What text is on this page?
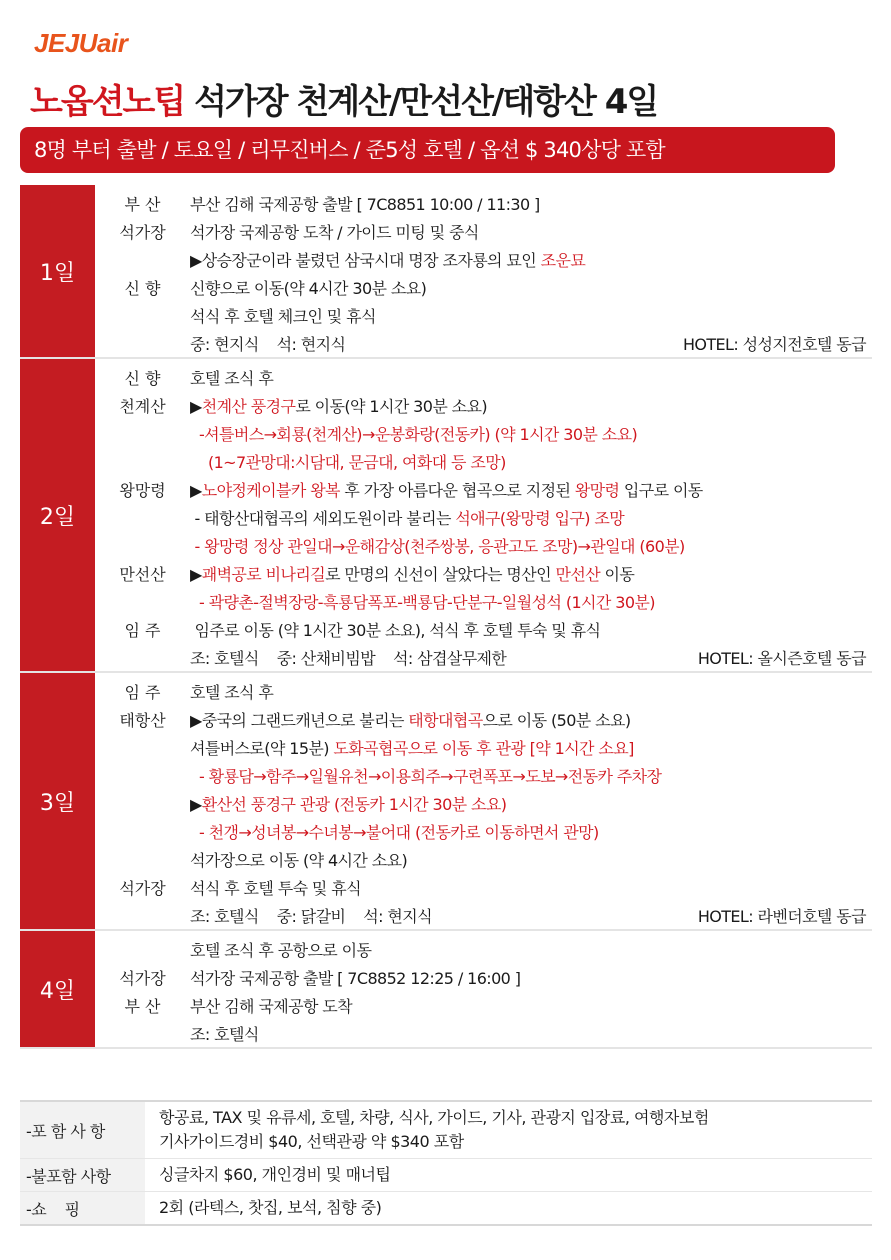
JEJUair
노옵션노팁 석가장 천계산/만선산/태항산 4일
8명 부터 출발 / 토요일 / 리무진버스 / 준5성 호텔 / 옵션 $ 340상당 포함
1일
부 산	부산 김해 국제공항 출발 [ 7C8851 10:00 / 11:30 ]
석가장	석가장 국제공항 도착 / 가이드 미팅 및 중식
▶상승장군이라 불렸던 삼국시대 명장 조자룡의 묘인 조운묘
신 향	신향으로 이동(약 4시간 30분 소요)
석식 후 호텔 체크인 및 휴식
중: 현지식    석: 현지식	HOTEL: 성성지전호텔 동급
2일
신 향	호텔 조식 후
천계산	▶천계산 풍경구로 이동(약 1시간 30분 소요)
-셔틀버스→회룡(천계산)→운봉화랑(전동카) (약 1시간 30분 소요)
(1~7관망대:시담대, 문금대, 여화대 등 조망)
왕망령	▶노야정케이블카 왕복 후 가장 아름다운 협곡으로 지정된 왕망령 입구로 이동
- 태항산대협곡의 세외도원이라 불리는 석애구(왕망령 입구) 조망
- 왕망령 정상 관일대→운해감상(천주쌍봉, 응관고도 조망)→관일대 (60분)
만선산	▶괘벽공로 비나리길로 만명의 신선이 살았다는 명산인 만선산 이동
- 곽량촌-절벽장랑-흑룡담폭포-백룡담-단분구-일월성석 (1시간 30분)
임 주	임주로 이동 (약 1시간 30분 소요), 석식 후 호텔 투숙 및 휴식
조: 호텔식    중: 산채비빔밥    석: 삼겹살무제한	HOTEL: 올시즌호텔 동급
3일
임 주	호텔 조식 후
태항산	▶중국의 그랜드캐년으로 불리는 태항대협곡으로 이동 (50분 소요)
셔틀버스로(약 15분) 도화곡협곡으로 이동 후 관광 [약 1시간 소요]
- 황룡담→함주→일월유천→이용희주→구련폭포→도보→전동카 주차장
▶환산선 풍경구 관광 (전동카 1시간 30분 소요)
- 천갱→성녀봉→수녀봉→불어대 (전동카로 이동하면서 관망)
석가장으로 이동 (약 4시간 소요)
석가장	석식 후 호텔 투숙 및 휴식
조: 호텔식    중: 닭갈비    석: 현지식	HOTEL: 라벤더호텔 동급
4일
호텔 조식 후 공항으로 이동
석가장	석가장 국제공항 출발 [ 7C8852 12:25 / 16:00 ]
부 산	부산 김해 국제공항 도착
조: 호텔식
-포 함 사 항
항공료, TAX 및 유류세, 호텔, 차량, 식사, 가이드, 기사, 관광지 입장료, 여행자보험
기사가이드경비 $40, 선택관광 약 $340 포함
-불포함 사항	싱글차지 $60, 개인경비 및 매너팁
-쇼    핑	2회 (라텍스, 찻집, 보석, 침향 중)
